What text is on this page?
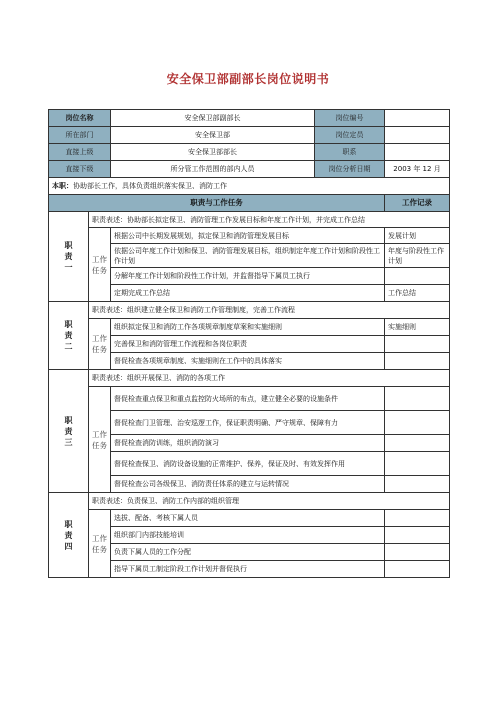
安全保卫部副部长岗位说明书
岗位名称		安全保卫部副部长	岗位编号	
所在部门		安全保卫部	岗位定员	
直接上级		安全保卫部部长	职系	
直接下级		所分管工作范围的部内人员	岗位分析日期	2003 年 12 月
本职：协助部长工作，具体负责组织落实保卫、消防工作				
职责与工作任务				工作记录

职
责
一	职责表述：协助部长拟定保卫、消防管理工作发展目标和年度工作计划，并完成工作总结			

	工作任务	根据公司中长期发展规划，拟定保卫和消防管理发展目标		发展计划
		依据公司年度工作计划和保卫、消防管理发展目标，组织制定年度工作计划和阶段性工作计划		年度与阶段性工作计划
		分解年度工作计划和阶段性工作计划，并监督指导下属员工执行		
		定期完成工作总结		工作总结

职
责
二	职责表述：组织建立健全保卫和消防工作管理制度，完善工作流程			

	工作任务	组织拟定保卫和消防工作各项规章制度草案和实施细则		实施细则
		完善保卫和消防管理工作流程和各岗位职责		
		督促检查各项规章制度、实施细则在工作中的具体落实		

职
责
三	职责表述：组织开展保卫、消防的各项工作			

	工作任务	督促检查重点保卫和重点监控防火场所的布点，建立健全必要的设施条件		
		督促检查门卫管理、治安巡逻工作，保证职责明确、严守规章、保障有力		
		督促检查消防训练，组织消防演习		
		督促检查保卫、消防设备设施的正常维护、保养，保证及时、有效发挥作用		
		督促检查公司各级保卫、消防责任体系的建立与运转情况		

职
责
四	职责表述：负责保卫、消防工作内部的组织管理			

	工作任务	选拔、配备、考核下属人员		
		组织部门内部技能培训		
		负责下属人员的工作分配		
		指导下属员工制定阶段工作计划并督促执行		
